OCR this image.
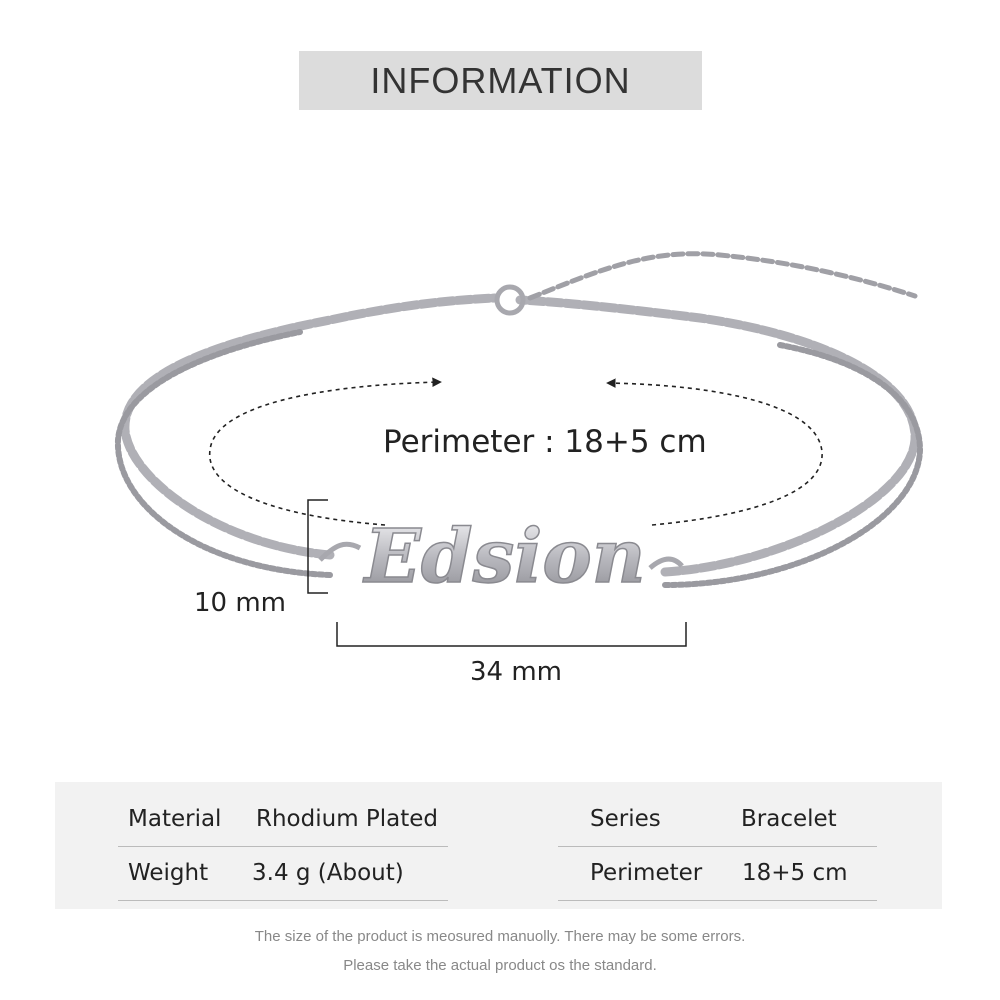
INFORMATION
Edsion
Perimeter : 18+5 cm
10 mm
34 mm
Material Rhodium Plated
Weight 3.4 g (About)
Series	Bracelet
Perimeter 18+5 cm
The size of the product is meosured manuolly. There may be some errors.
Please take the actual product os the standard.
